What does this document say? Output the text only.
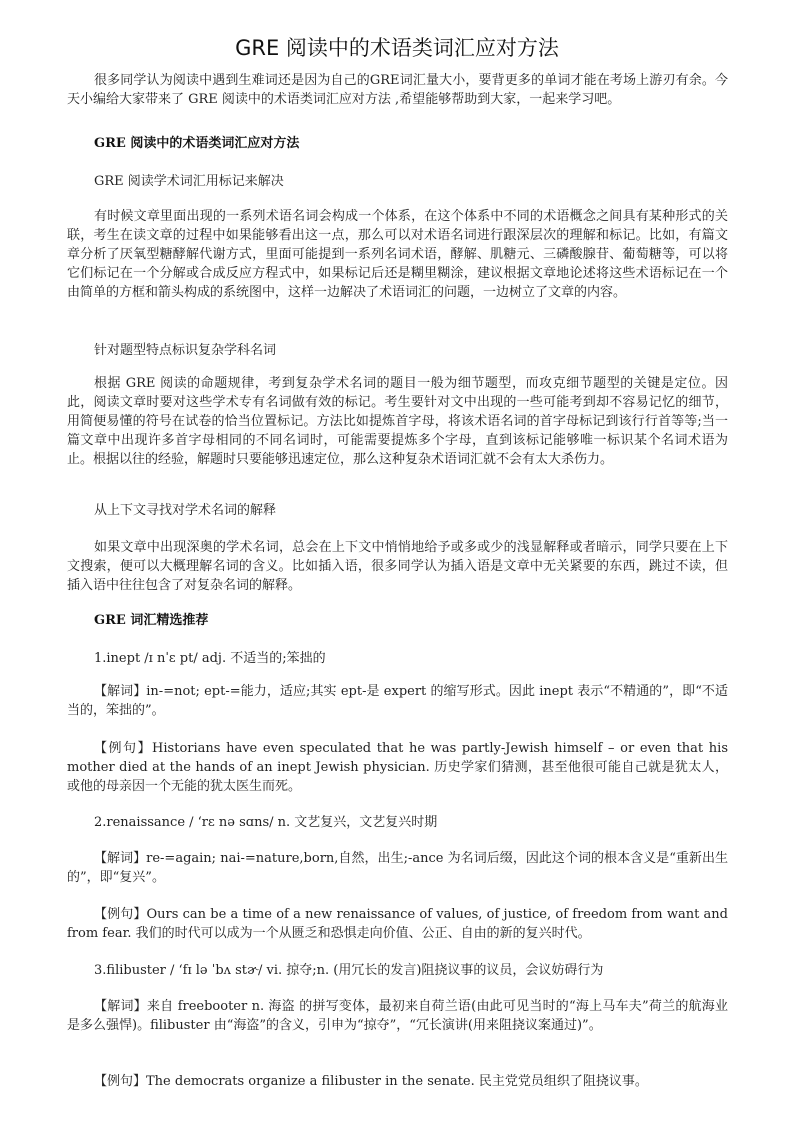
GRE 阅读中的术语类词汇应对方法

很多同学认为阅读中遇到生难词还是因为自己的GRE词汇量大小，要背更多的单词才能在考场上游刃有余。今天小编给大家带来了 GRE 阅读中的术语类词汇应对方法 ,希望能够帮助到大家，一起来学习吧。

GRE 阅读中的术语类词汇应对方法

GRE 阅读学术词汇用标记来解决

有时候文章里面出现的一系列术语名词会构成一个体系，在这个体系中不同的术语概念之间具有某种形式的关联，考生在读文章的过程中如果能够看出这一点，那么可以对术语名词进行跟深层次的理解和标记。比如，有篇文章分析了厌氧型糖酵解代谢方式，里面可能提到一系列名词术语，酵解、肌糖元、三磷酸腺苷、葡萄糖等，可以将它们标记在一个分解或合成反应方程式中，如果标记后还是糊里糊涂，建议根据文章地论述将这些术语标记在一个由简单的方框和箭头构成的系统图中，这样一边解决了术语词汇的问题，一边树立了文章的内容。

针对题型特点标识复杂学科名词

根据 GRE 阅读的命题规律，考到复杂学术名词的题目一般为细节题型，而攻克细节题型的关键是定位。因此，阅读文章时要对这些学术专有名词做有效的标记。考生要针对文中出现的一些可能考到却不容易记忆的细节，用简便易懂的符号在试卷的恰当位置标记。方法比如提炼首字母，将该术语名词的首字母标记到该行行首等等;当一篇文章中出现许多首字母相同的不同名词时，可能需要提炼多个字母，直到该标记能够唯一标识某个名词术语为止。根据以往的经验，解题时只要能够迅速定位，那么这种复杂术语词汇就不会有太大杀伤力。

从上下文寻找对学术名词的解释

如果文章中出现深奥的学术名词，总会在上下文中悄悄地给予或多或少的浅显解释或者暗示，同学只要在上下文搜索，便可以大概理解名词的含义。比如插入语，很多同学认为插入语是文章中无关紧要的东西，跳过不读，但插入语中往往包含了对复杂名词的解释。

GRE 词汇精选推荐

1.inept /ɪ nˈɛ pt/ adj. 不适当的;笨拙的

【解词】in-=not; ept-=能力，适应;其实 ept-是 expert 的缩写形式。因此 inept 表示“不精通的”，即“不适当的，笨拙的”。

【例句】Historians have even speculated that he was partly-Jewish himself – or even that his mother died at the hands of an inept Jewish physician. 历史学家们猜测，甚至他很可能自己就是犹太人，或他的母亲因一个无能的犹太医生而死。

2.renaissance / ‘rɛ nə sɑns/ n. 文艺复兴，文艺复兴时期

【解词】re-=again; nai-=nature,born,自然，出生;-ance 为名词后缀，因此这个词的根本含义是“重新出生的”，即“复兴”。

【例句】Ours can be a time of a new renaissance of values, of justice, of freedom from want and from fear. 我们的时代可以成为一个从匮乏和恐惧走向价值、公正、自由的新的复兴时代。

3.filibuster / ‘fɪ lə ˈbʌ stɚ/ vi. 掠夺;n. (用冗长的发言)阻挠议事的议员，会议妨碍行为

【解词】来自 freebooter n. 海盗 的拼写变体，最初来自荷兰语(由此可见当时的“海上马车夫”荷兰的航海业是多么强悍)。filibuster 由“海盗”的含义，引申为“掠夺”，“冗长演讲(用来阻挠议案通过)”。

【例句】The democrats organize a filibuster in the senate. 民主党党员组织了阻挠议事。
